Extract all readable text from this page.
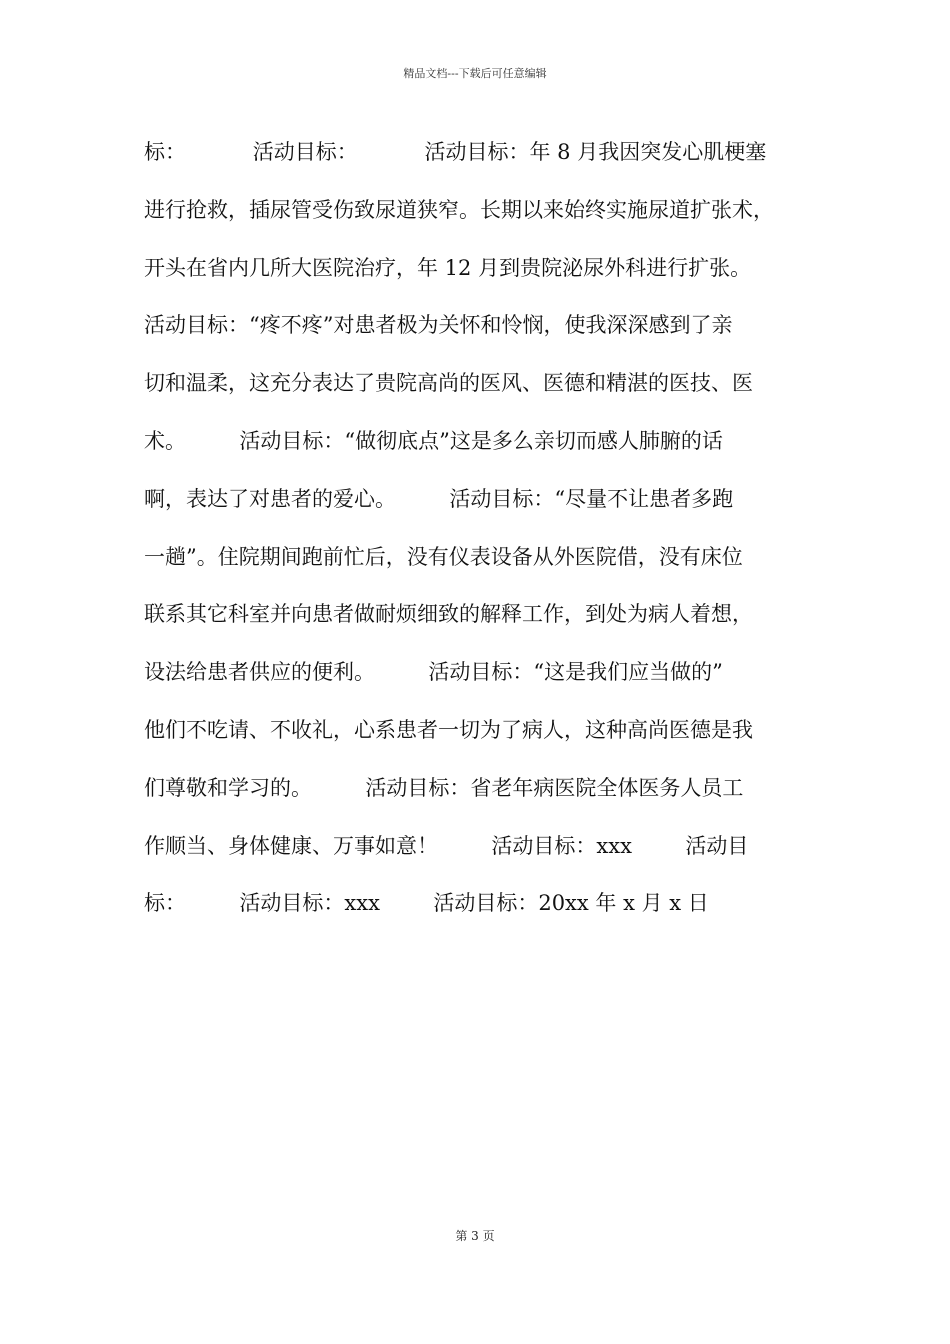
精品文档---下载后可任意编辑
标：          活动目标：          活动目标：年 8 月我因突发心肌梗塞
进行抢救，插尿管受伤致尿道狭窄。长期以来始终实施尿道扩张术，
开头在省内几所大医院治疗，年 12 月到贵院泌尿外科进行扩张。
活动目标：“疼不疼”对患者极为关怀和怜悯，使我深深感到了亲
切和温柔，这充分表达了贵院高尚的医风、医德和精湛的医技、医
术。        活动目标：“做彻底点”这是多么亲切而感人肺腑的话
啊，表达了对患者的爱心。        活动目标：“尽量不让患者多跑
一趟”。住院期间跑前忙后，没有仪表设备从外医院借，没有床位
联系其它科室并向患者做耐烦细致的解释工作，到处为病人着想，
设法给患者供应的便利。        活动目标：“这是我们应当做的”
他们不吃请、不收礼，心系患者一切为了病人，这种高尚医德是我
们尊敬和学习的。        活动目标：省老年病医院全体医务人员工
作顺当、身体健康、万事如意！        活动目标：xxx        活动目
标：        活动目标：xxx        活动目标：20xx 年 x 月 x 日
第 3 页
